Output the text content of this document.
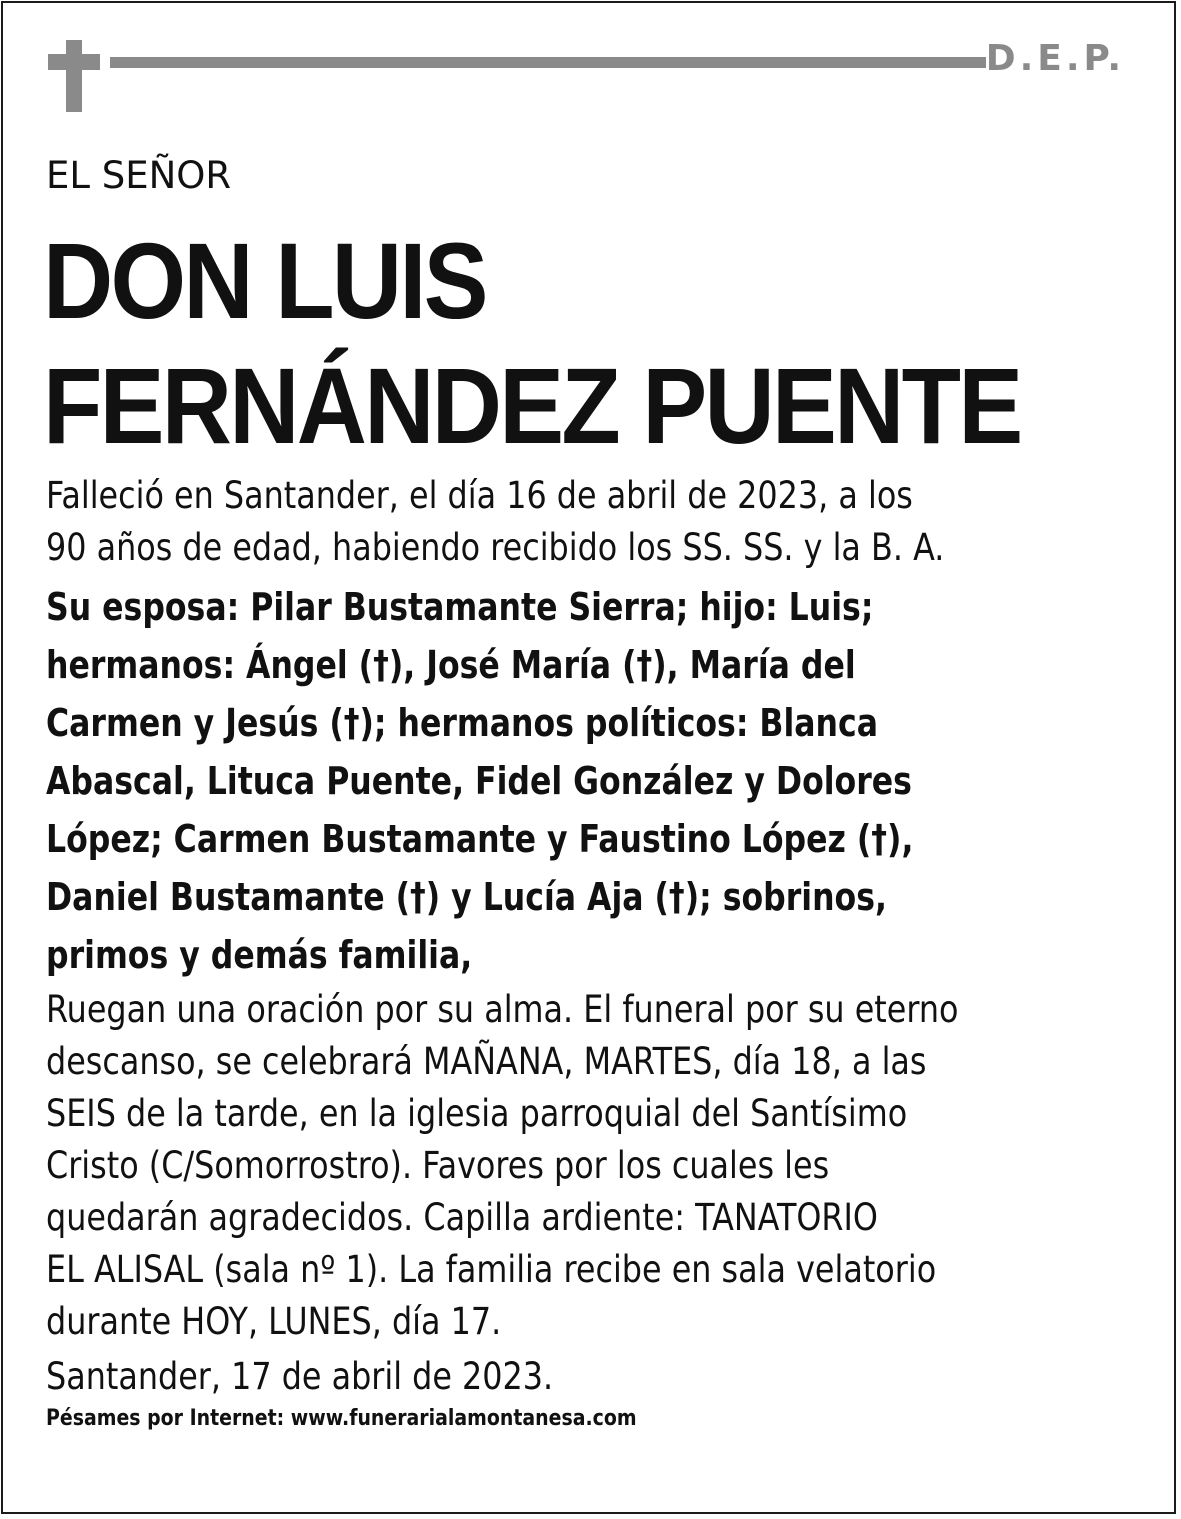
D.E.P.

EL SEÑOR

DON LUIS
FERNÁNDEZ PUENTE
Falleció en Santander, el día 16 de abril de 2023, a los
90 años de edad, habiendo recibido los SS. SS. y la B. A.
Su esposa: Pilar Bustamante Sierra; hijo: Luis;
hermanos: Ángel (†), José María (†), María del
Carmen y Jesús (†); hermanos políticos: Blanca
Abascal, Lituca Puente, Fidel González y Dolores
López; Carmen Bustamante y Faustino López (†),
Daniel Bustamante (†) y Lucía Aja (†); sobrinos,
primos y demás familia,
Ruegan una oración por su alma. El funeral por su eterno
descanso, se celebrará MAÑANA, MARTES, día 18, a las
SEIS de la tarde, en la iglesia parroquial del Santísimo
Cristo (C/Somorrostro). Favores por los cuales les
quedarán agradecidos. Capilla ardiente: TANATORIO
EL ALISAL (sala nº 1). La familia recibe en sala velatorio
durante HOY, LUNES, día 17.

Santander, 17 de abril de 2023.

Pésames por Internet: www.funerarialamontanesa.com
